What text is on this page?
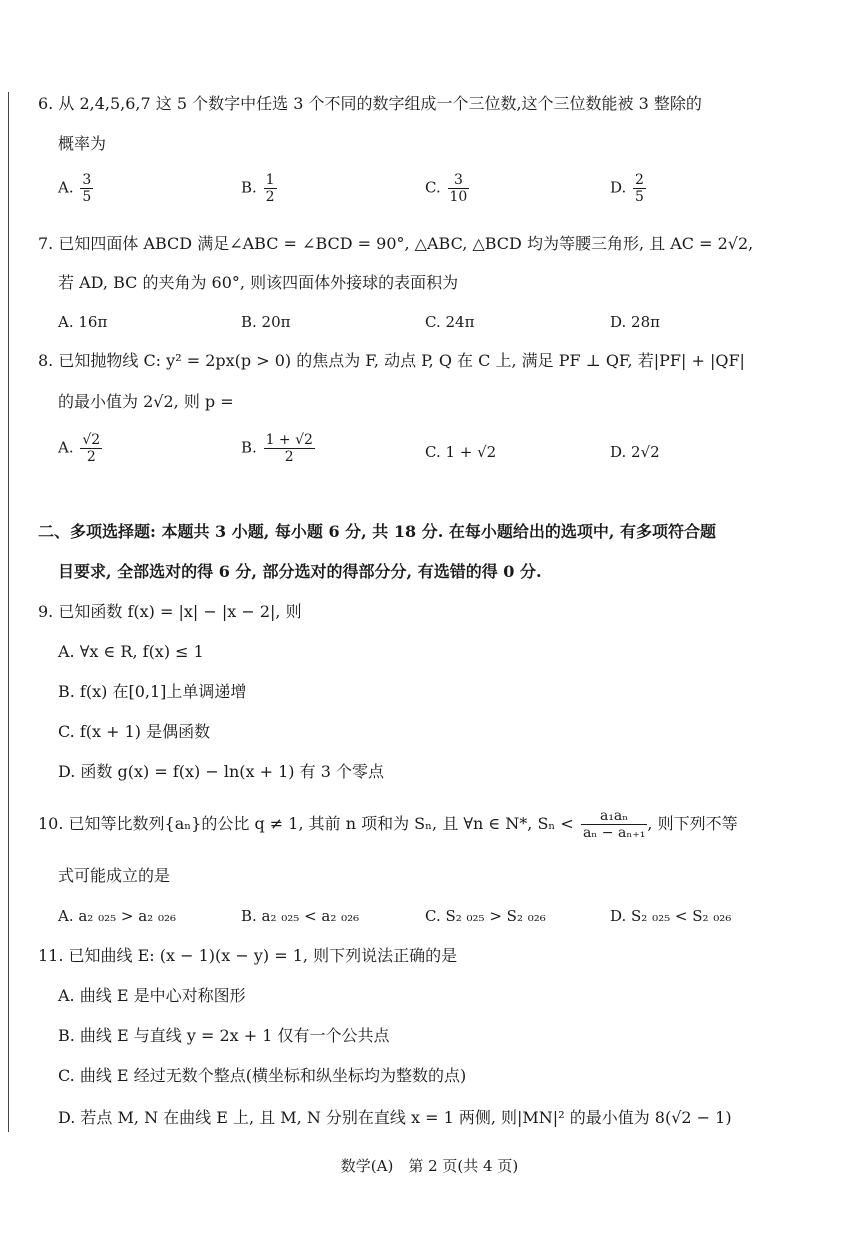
6. 从 2,4,5,6,7 这 5 个数字中任选 3 个不同的数字组成一个三位数,这个三位数能被 3 整除的
概率为
A. $\frac{3}{5}$	B. $\frac{1}{2}$	C. $\frac{3}{10}$	D. $\frac{2}{5}$
7. 已知四面体 ABCD 满足∠ABC = ∠BCD = 90°, △ABC, △BCD 均为等腰三角形, 且 AC = 2√2,
若 AD, BC 的夹角为 60°, 则该四面体外接球的表面积为
A. 16π	B. 20π	C. 24π	D. 28π
8. 已知抛物线 C: y² = 2px(p > 0) 的焦点为 F, 动点 P, Q 在 C 上, 满足 PF ⊥ QF, 若|PF| + |QF|
的最小值为 2√2, 则 p =
A. $\frac{√2}{2}$	B. $\frac{1 + √2}{2}$	C. 1 + √2	D. 2√2
二、多项选择题: 本题共 3 小题, 每小题 6 分, 共 18 分. 在每小题给出的选项中, 有多项符合题
目要求, 全部选对的得 6 分, 部分选对的得部分分, 有选错的得 0 分.
9. 已知函数 f(x) = |x| − |x − 2|, 则
A. ∀x ∈ R, f(x) ≤ 1
B. f(x) 在[0,1]上单调递增
C. f(x + 1) 是偶函数
D. 函数 g(x) = f(x) − ln(x + 1) 有 3 个零点
10. 已知等比数列{aₙ}的公比 q ≠ 1, 其前 n 项和为 Sₙ, 且 ∀n ∈ N*, $S_n < \frac{\text{a₁aₙ}}{\text{aₙ − aₙ₊₁}}$ , 则下列不等
式可能成立的是
A. a₂ ₀₂₅ > a₂ ₀₂₆	B. a₂ ₀₂₅ < a₂ ₀₂₆	C. S₂ ₀₂₅ > S₂ ₀₂₆	D. S₂ ₀₂₅ < S₂ ₀₂₆
11. 已知曲线 E: (x − 1)(x − y) = 1, 则下列说法正确的是
A. 曲线 E 是中心对称图形
B. 曲线 E 与直线 y = 2x + 1 仅有一个公共点
C. 曲线 E 经过无数个整点(横坐标和纵坐标均为整数的点)
D. 若点 M, N 在曲线 E 上, 且 M, N 分别在直线 x = 1 两侧, 则|MN|² 的最小值为 8(√2 − 1)
数学(A)　第 2 页(共 4 页)
